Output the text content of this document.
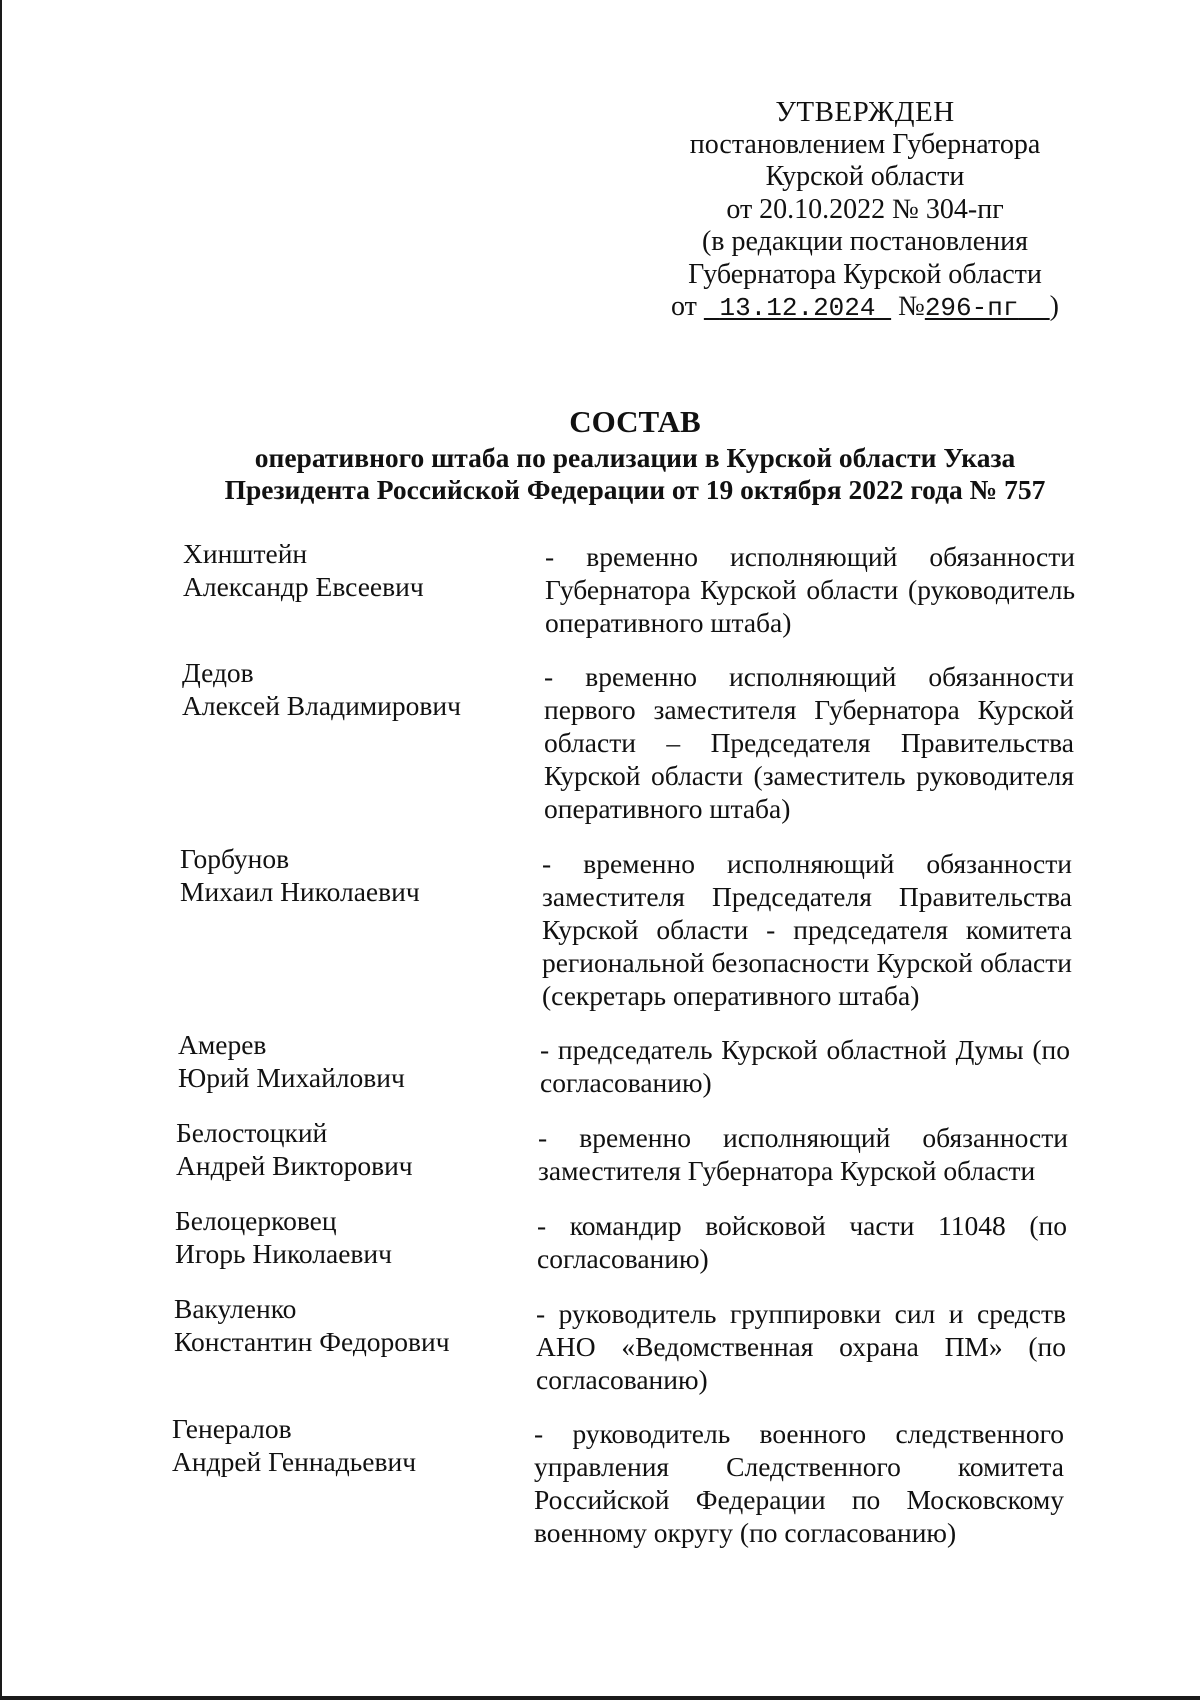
УТВЕРЖДЕН
постановлением Губернатора
Курской области
от 20.10.2022 № 304-пг
(в редакции постановления
Губернатора Курской области
от 13.12.2024 №296-пг )
СОСТАВ
оперативного штаба по реализации в Курской области Указа
Президента Российской Федерации от 19 октября 2022 года № 757
Хинштейн
Александр Евсеевич
- временно исполняющий обязанности Губернатора Курской области (руководитель оперативного штаба)
Дедов
Алексей Владимирович
- временно исполняющий обязанности первого заместителя Губернатора Курской области – Председателя Правительства Курской области (заместитель руководителя оперативного штаба)
Горбунов
Михаил Николаевич
- временно исполняющий обязанности заместителя Председателя Правительства Курской области - председателя комитета региональной безопасности Курской области (секретарь оперативного штаба)
Амерев
Юрий Михайлович
- председатель Курской областной Думы (по согласованию)
Белостоцкий
Андрей Викторович
- временно исполняющий обязанности заместителя Губернатора Курской области
Белоцерковец
Игорь Николаевич
- командир войсковой части 11048 (по согласованию)
Вакуленко
Константин Федорович
- руководитель группировки сил и средств АНО «Ведомственная охрана ПМ» (по согласованию)
Генералов
Андрей Геннадьевич
- руководитель военного следственного управления Следственного комитета Российской Федерации по Московскому военному округу (по согласованию)
